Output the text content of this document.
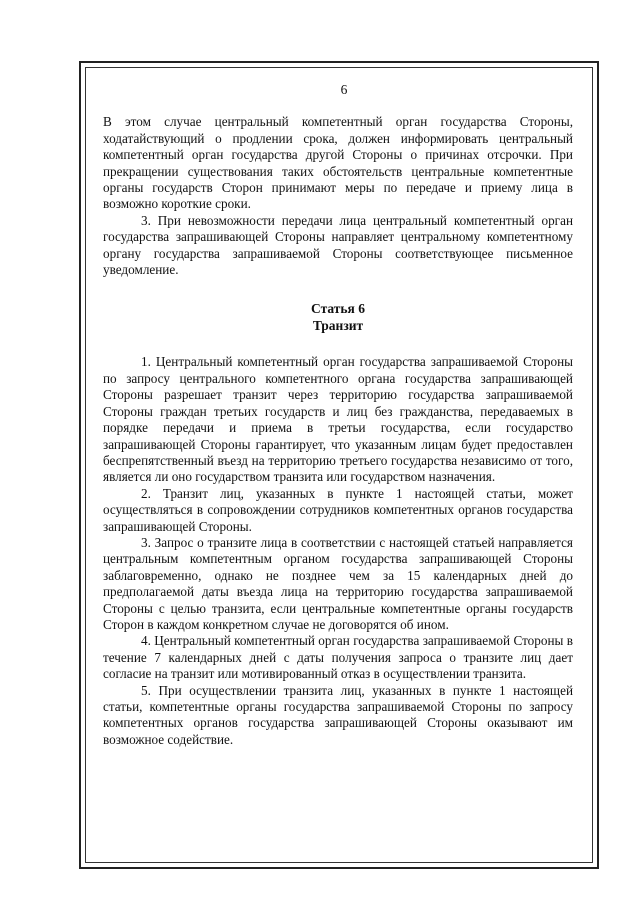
6

В этом случае центральный компетентный орган государства Стороны, ходатайствующий о продлении срока, должен информировать центральный компетентный орган государства другой Стороны о причинах отсрочки. При прекращении существования таких обстоятельств центральные компетентные органы государств Сторон принимают меры по передаче и приему лица в возможно короткие сроки.

3. При невозможности передачи лица центральный компетентный орган государства запрашивающей Стороны направляет центральному компетентному органу государства запрашиваемой Стороны соответствующее письменное уведомление.

Статья 6
Транзит

1. Центральный компетентный орган государства запрашиваемой Стороны по запросу центрального компетентного органа государства запрашивающей Стороны разрешает транзит через территорию государства запрашиваемой Стороны граждан третьих государств и лиц без гражданства, передаваемых в порядке передачи и приема в третьи государства, если государство запрашивающей Стороны гарантирует, что указанным лицам будет предоставлен беспрепятственный въезд на территорию третьего государства независимо от того, является ли оно государством транзита или государством назначения.

2. Транзит лиц, указанных в пункте 1 настоящей статьи, может осуществляться в сопровождении сотрудников компетентных органов государства запрашивающей Стороны.

3. Запрос о транзите лица в соответствии с настоящей статьей направляется центральным компетентным органом государства запрашивающей Стороны заблаговременно, однако не позднее чем за 15 календарных дней до предполагаемой даты въезда лица на территорию государства запрашиваемой Стороны с целью транзита, если центральные компетентные органы государств Сторон в каждом конкретном случае не договорятся об ином.

4. Центральный компетентный орган государства запрашиваемой Стороны в течение 7 календарных дней с даты получения запроса о транзите лиц дает согласие на транзит или мотивированный отказ в осуществлении транзита.

5. При осуществлении транзита лиц, указанных в пункте 1 настоящей статьи, компетентные органы государства запрашиваемой Стороны по запросу компетентных органов государства запрашивающей Стороны оказывают им возможное содействие.
